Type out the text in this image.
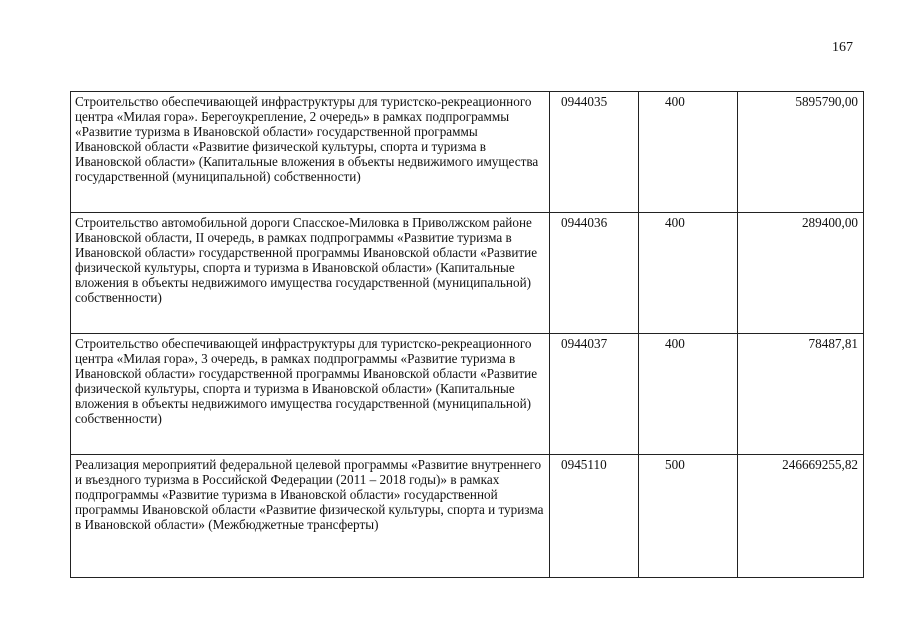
167
Строительство обеспечивающей инфраструктуры для туристско-рекреационного центра «Милая гора». Берегоукрепление, 2 очередь» в рамках подпрограммы «Развитие туризма в Ивановской области» государственной программы Ивановской области «Развитие физической культуры, спорта и туризма в Ивановской области» (Капитальные вложения в объекты недвижимого имущества государственной (муниципальной) собственности)	0944035	400	5895790,00
Строительство автомобильной дороги Спасское-Миловка в Приволжском районе Ивановской области, II очередь, в рамках подпрограммы «Развитие туризма в Ивановской области» государственной программы Ивановской области «Развитие физической культуры, спорта и туризма в Ивановской области» (Капитальные вложения в объекты недвижимого имущества государственной (муниципальной) собственности)	0944036	400	289400,00
Строительство обеспечивающей инфраструктуры для туристско-рекреационного центра «Милая гора», 3 очередь, в рамках подпрограммы «Развитие туризма в Ивановской области» государственной программы Ивановской области «Развитие физической культуры, спорта и туризма в Ивановской области» (Капитальные вложения в объекты недвижимого имущества государственной (муниципальной) собственности)	0944037	400	78487,81
Реализация мероприятий федеральной целевой программы «Развитие внутреннего и въездного туризма в Российской Федерации (2011 – 2018 годы)» в рамках подпрограммы «Развитие туризма в Ивановской области» государственной программы Ивановской области «Развитие физической культуры, спорта и туризма в Ивановской области» (Межбюджетные трансферты)	0945110	500	246669255,82
